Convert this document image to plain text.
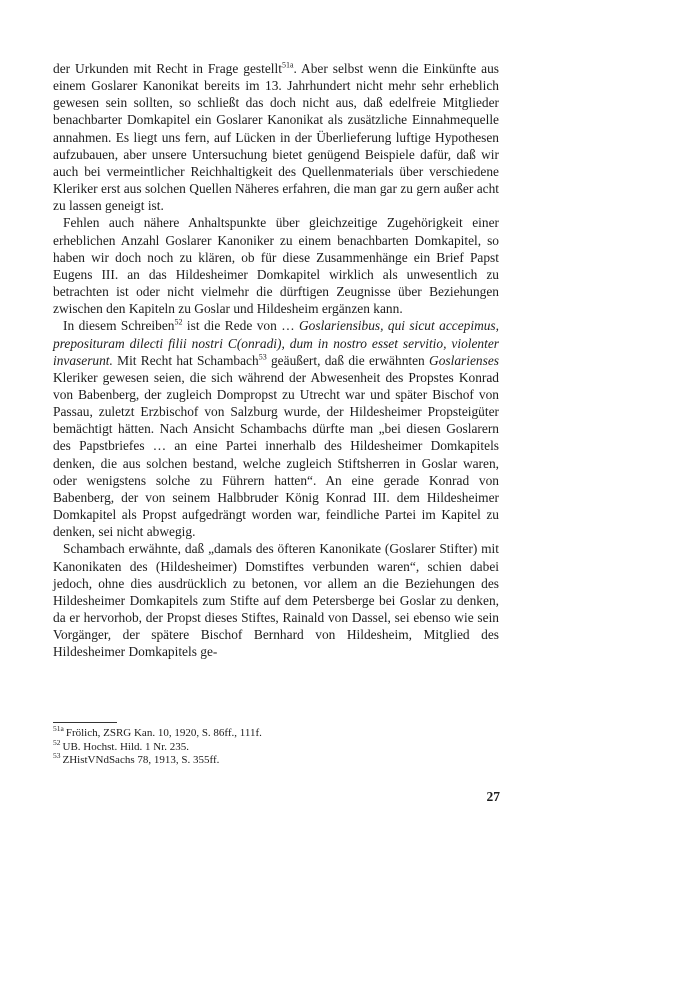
der Urkunden mit Recht in Frage gestellt$^{51a}$. Aber selbst wenn die Einkünfte aus einem Goslarer Kanonikat bereits im 13. Jahrhundert nicht mehr sehr erheblich gewesen sein sollten, so schließt das doch nicht aus, daß edelfreie Mitglieder benachbarter Domkapitel ein Goslarer Kanonikat als zusätzliche Einnahmequelle annahmen. Es liegt uns fern, auf Lücken in der Überlieferung luftige Hypothesen aufzubauen, aber unsere Untersuchung bietet genügend Beispiele dafür, daß wir auch bei vermeintlicher Reichhaltigkeit des Quellenmaterials über verschiedene Kleriker erst aus solchen Quellen Näheres erfahren, die man gar zu gern außer acht zu lassen geneigt ist.

Fehlen auch nähere Anhaltspunkte über gleichzeitige Zugehörigkeit einer erheblichen Anzahl Goslarer Kanoniker zu einem benachbarten Domkapitel, so haben wir doch noch zu klären, ob für diese Zusammenhänge ein Brief Papst Eugens III. an das Hildesheimer Domkapitel wirklich als unwesentlich zu betrachten ist oder nicht vielmehr die dürftigen Zeugnisse über Beziehungen zwischen den Kapiteln zu Goslar und Hildesheim ergänzen kann.

In diesem Schreiben$^{52}$ ist die Rede von … Goslariensibus, qui sicut accepimus, preposituram dilecti filii nostri C(onradi), dum in nostro esset servitio, violenter invaserunt. Mit Recht hat Schambach$^{53}$ geäußert, daß die erwähnten Goslarienses Kleriker gewesen seien, die sich während der Abwesenheit des Propstes Konrad von Babenberg, der zugleich Dompropst zu Utrecht war und später Bischof von Passau, zuletzt Erzbischof von Salzburg wurde, der Hildesheimer Propsteigüter bemächtigt hätten. Nach Ansicht Schambachs dürfte man „bei diesen Goslarern des Papstbriefes … an eine Partei innerhalb des Hildesheimer Domkapitels denken, die aus solchen bestand, welche zugleich Stiftsherren in Goslar waren, oder wenigstens solche zu Führern hatten“. An eine gerade Konrad von Babenberg, der von seinem Halbbruder König Konrad III. dem Hildesheimer Domkapitel als Propst aufgedrängt worden war, feindliche Partei im Kapitel zu denken, sei nicht abwegig.

Schambach erwähnte, daß „damals des öfteren Kanonikate (Goslarer Stifter) mit Kanonikaten des (Hildesheimer) Domstiftes verbunden waren“, schien dabei jedoch, ohne dies ausdrücklich zu betonen, vor allem an die Beziehungen des Hildesheimer Domkapitels zum Stifte auf dem Petersberge bei Goslar zu denken, da er hervorhob, der Propst dieses Stiftes, Rainald von Dassel, sei ebenso wie sein Vorgänger, der spätere Bischof Bernhard von Hildesheim, Mitglied des Hildesheimer Domkapitels ge-

$^{51a}$ Frölich, ZSRG Kan. 10, 1920, S. 86ff., 111f.

$^{52}$ UB. Hochst. Hild. 1 Nr. 235.

$^{53}$ ZHistVNdSachs 78, 1913, S. 355ff.

27
